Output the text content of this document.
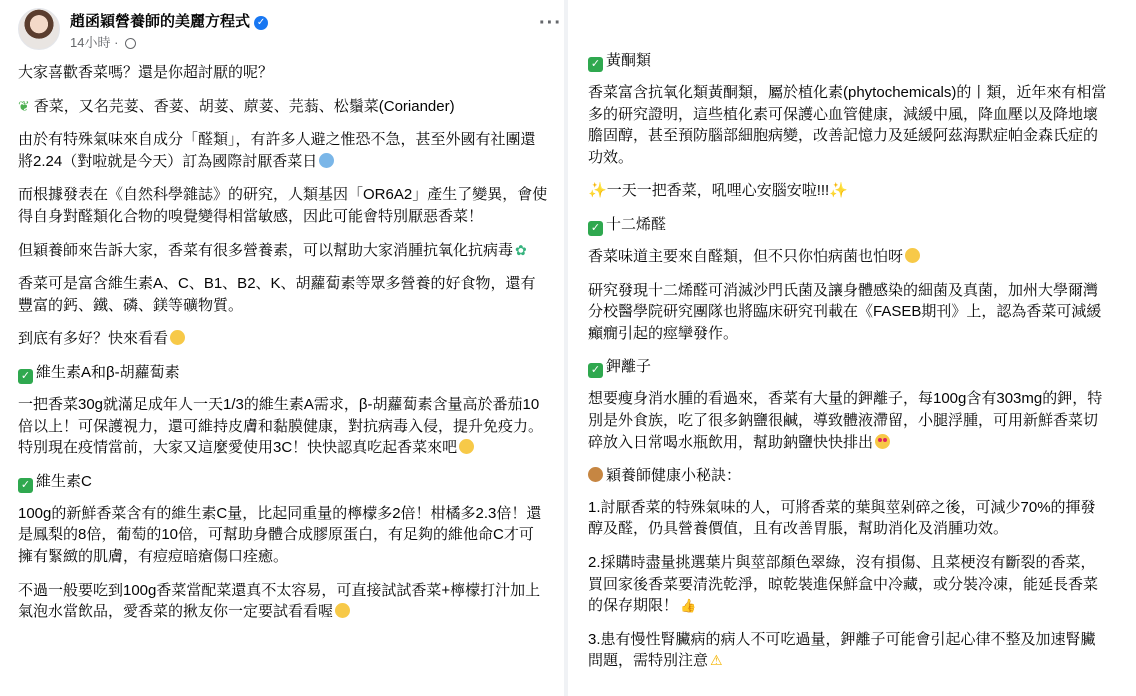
趙函穎營養師的美麗方程式 ✓
14小時 ·
···

大家喜歡香菜嗎？還是你超討厭的呢？

❦ 香菜，又名芫荽、香荽、胡荽、蒝荽、芫蓊、松鬚菜(Coriander)

由於有特殊氣味來自成分「醛類」，有許多人避之惟恐不急，甚至外國有社團還將2.24（對啦就是今天）訂為國際討厭香菜日

而根據發表在《自然科學雜誌》的研究，人類基因「OR6A2」產生了變異，會使得自身對醛類化合物的嗅覺變得相當敏感，因此可能會特別厭惡香菜！

但穎養師來告訴大家，香菜有很多營養素，可以幫助大家消腫抗氧化抗病毒 ✿

香菜可是富含維生素A、C、B1、B2、K、胡蘿蔔素等眾多營養的好食物，還有豐富的鈣、鐵、磷、鎂等礦物質。

到底有多好？快來看看

✓ 維生素A和β-胡蘿蔔素

一把香菜30g就滿足成年人一天1/3的維生素A需求，β-胡蘿蔔素含量高於番茄10倍以上！可保護視力，還可維持皮膚和黏膜健康，對抗病毒入侵，提升免疫力。特別現在疫情當前，大家又這麼愛使用3C！快快認真吃起香菜來吧

✓ 維生素C

100g的新鮮香菜含有的維生素C量，比起同重量的檸檬多2倍！柑橘多2.3倍！還是鳳梨的8倍，葡萄的10倍，可幫助身體合成膠原蛋白，有足夠的維他命C才可擁有緊緻的肌膚，有痘痘暗瘡傷口痊癒。

不過一般要吃到100g香菜當配菜還真不太容易，可直接試試香菜+檸檬打汁加上氣泡水當飲品，愛香菜的揪友你一定要試看看喔

✓ 黃酮類

香菜富含抗氧化類黃酮類，屬於植化素(phytochemicals)的丨類，近年來有相當多的研究證明，這些植化素可保護心血管健康，減緩中風，降血壓以及降地壞膽固醇，甚至預防腦部細胞病變，改善記憶力及延緩阿茲海默症帕金森氏症的功效。

✨一天一把香菜，吼哩心安腦安啦!!!✨

✓ 十二烯醛

香菜味道主要來自醛類，但不只你怕病菌也怕呀

研究發現十二烯醛可消滅沙門氏菌及讓身體感染的細菌及真菌，加州大學爾灣分校醫學院研究團隊也將臨床研究刊載在《FASEB期刊》上，認為香菜可減緩癲癇引起的痙攣發作。

✓ 鉀離子

想要瘦身消水腫的看過來，香菜有大量的鉀離子，每100g含有303mg的鉀，特別是外食族，吃了很多鈉鹽很鹹，導致體液滯留，小腿浮腫，可用新鮮香菜切碎放入日常喝水瓶飲用，幫助鈉鹽快快排出

穎養師健康小秘訣：

1.討厭香菜的特殊氣味的人，可將香菜的葉與莖剁碎之後，可減少70%的揮發醇及醛，仍具營養價值，且有改善胃脹，幫助消化及消腫功效。

2.採購時盡量挑選葉片與莖部顏色翠綠，沒有損傷、且菜梗沒有斷裂的香菜，買回家後香菜要清洗乾淨，晾乾裝進保鮮盒中冷藏，或分裝冷凍，能延長香菜的保存期限！ 👍

3.患有慢性腎臟病的病人不可吃過量，鉀離子可能會引起心律不整及加速腎臟問題，需特別注意 ⚠
